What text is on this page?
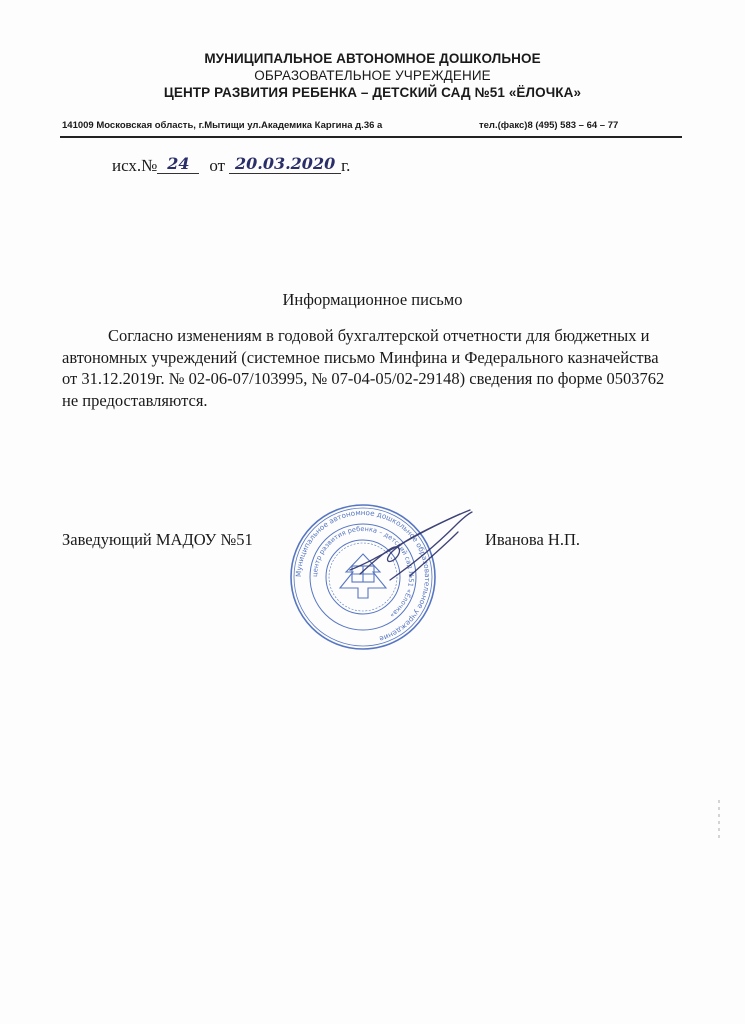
МУНИЦИПАЛЬНОЕ АВТОНОМНОЕ ДОШКОЛЬНОЕ
ОБРАЗОВАТЕЛЬНОЕ УЧРЕЖДЕНИЕ
ЦЕНТР РАЗВИТИЯ РЕБЕНКА – ДЕТСКИЙ САД №51 «ЁЛОЧКА»
141009 Московская область, г.Мытищи ул.Академика Каргина д.36 а	тел.(факс)8 (495) 583 – 64 – 77
исх.№ 24 от 20.03.2020 г.
Информационное письмо
Согласно изменениям в годовой бухгалтерской отчетности для бюджетных и
автономных учреждений (системное письмо Минфина и Федерального казначейства
от 31.12.2019г. № 02-06-07/103995, № 07-04-05/02-29148) сведения по форме 0503762
не предоставляются.
Муниципальное автономное дошкольное образовательное учреждение
центр развития ребенка – детский сад №51 «Ёлочка»
Заведующий МАДОУ №51	Иванова Н.П.
